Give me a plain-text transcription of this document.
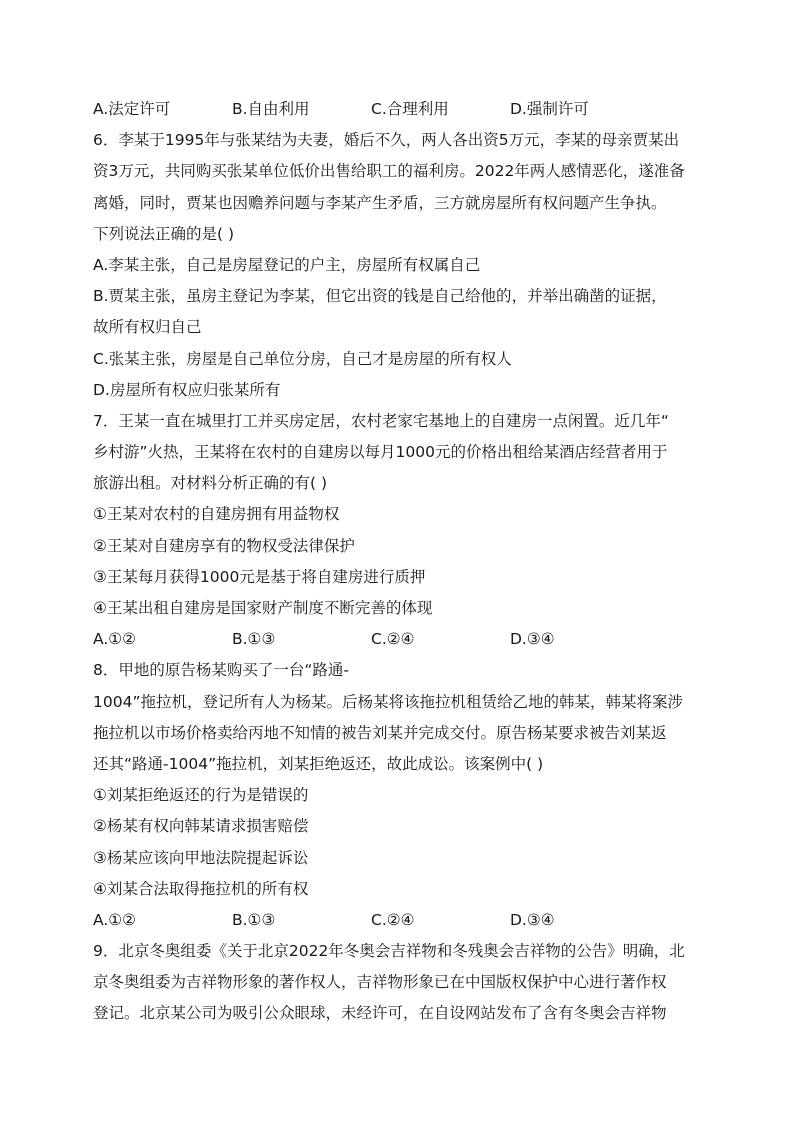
A.法定许可	B.自由利用	C.合理利用	D.强制许可
6．李某于1995年与张某结为夫妻，婚后不久，两人各出资5万元，李某的母亲贾某出
资3万元，共同购买张某单位低价出售给职工的福利房。2022年两人感情恶化，遂准备
离婚，同时，贾某也因赡养问题与李某产生矛盾，三方就房屋所有权问题产生争执。
下列说法正确的是( )
A.李某主张，自己是房屋登记的户主，房屋所有权属自己
B.贾某主张，虽房主登记为李某，但它出资的钱是自己给他的，并举出确凿的证据，
故所有权归自己
C.张某主张，房屋是自己单位分房，自己才是房屋的所有权人
D.房屋所有权应归张某所有
7．王某一直在城里打工并买房定居，农村老家宅基地上的自建房一点闲置。近几年“
乡村游”火热，王某将在农村的自建房以每月1000元的价格出租给某酒店经营者用于
旅游出租。对材料分析正确的有( )
①王某对农村的自建房拥有用益物权
②王某对自建房享有的物权受法律保护
③王某每月获得1000元是基于将自建房进行质押
④王某出租自建房是国家财产制度不断完善的体现
A.①②	B.①③	C.②④	D.③④
8．甲地的原告杨某购买了一台“路通-
1004”拖拉机，登记所有人为杨某。后杨某将该拖拉机租赁给乙地的韩某，韩某将案涉
拖拉机以市场价格卖给丙地不知情的被告刘某并完成交付。原告杨某要求被告刘某返
还其“路通-1004”拖拉机，刘某拒绝返还，故此成讼。该案例中( )
①刘某拒绝返还的行为是错误的
②杨某有权向韩某请求损害赔偿
③杨某应该向甲地法院提起诉讼
④刘某合法取得拖拉机的所有权
A.①②	B.①③	C.②④	D.③④
9．北京冬奥组委《关于北京2022年冬奥会吉祥物和冬残奥会吉祥物的公告》明确，北
京冬奥组委为吉祥物形象的著作权人，吉祥物形象已在中国版权保护中心进行著作权
登记。北京某公司为吸引公众眼球，未经许可，在自设网站发布了含有冬奥会吉祥物
